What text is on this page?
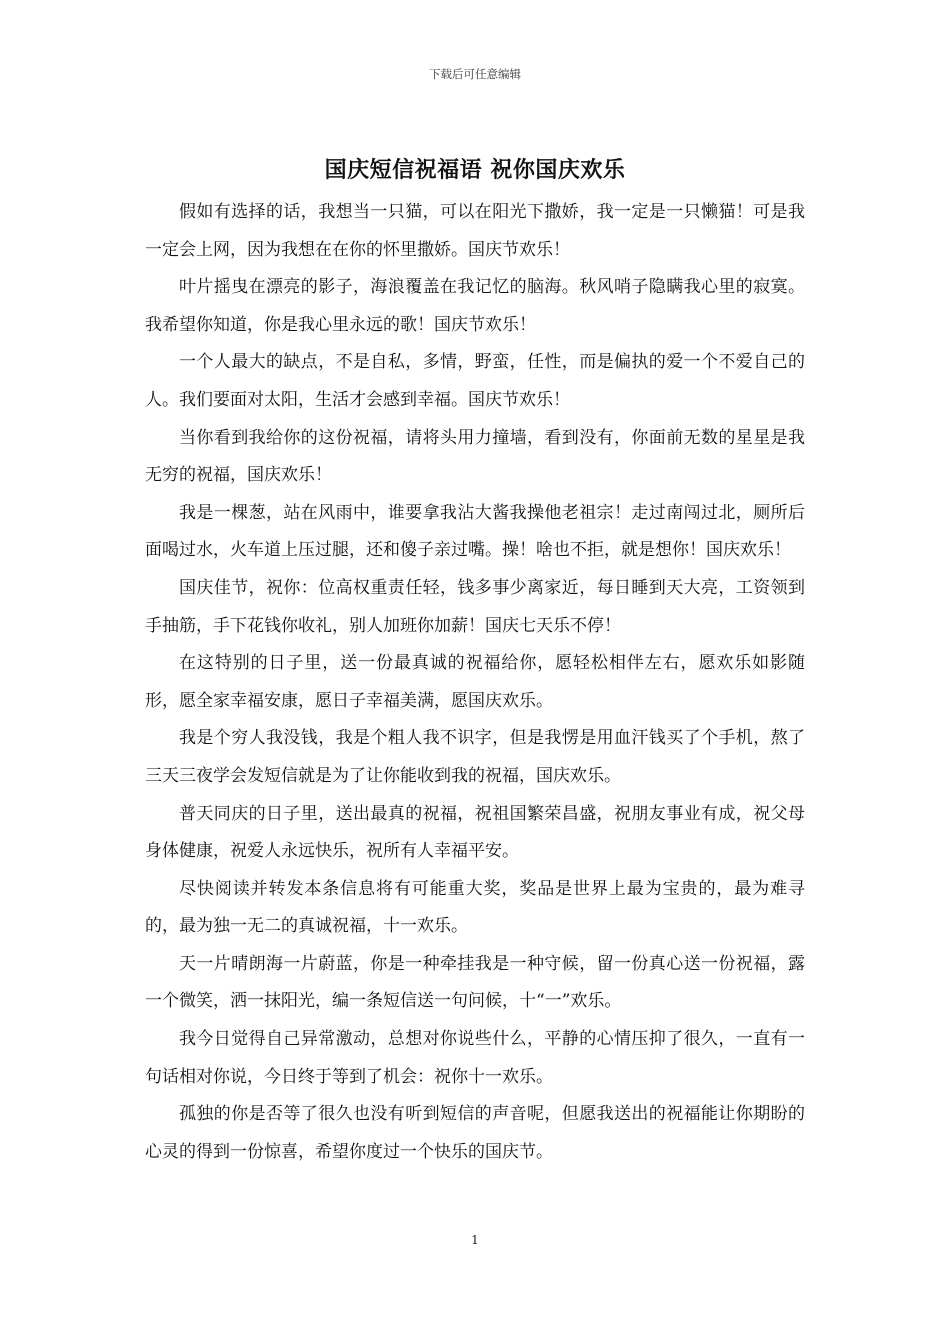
下载后可任意编辑
国庆短信祝福语 祝你国庆欢乐

假如有选择的话，我想当一只猫，可以在阳光下撒娇，我一定是一只懒猫！可是我一定会上网，因为我想在在你的怀里撒娇。国庆节欢乐！

叶片摇曳在漂亮的影子，海浪覆盖在我记忆的脑海。秋风哨子隐瞒我心里的寂寞。我希望你知道，你是我心里永远的歌！国庆节欢乐！

一个人最大的缺点，不是自私，多情，野蛮，任性，而是偏执的爱一个不爱自己的人。我们要面对太阳，生活才会感到幸福。国庆节欢乐！

当你看到我给你的这份祝福，请将头用力撞墙，看到没有，你面前无数的星星是我无穷的祝福，国庆欢乐！

我是一棵葱，站在风雨中，谁要拿我沾大酱我操他老祖宗！走过南闯过北，厕所后面喝过水，火车道上压过腿，还和傻子亲过嘴。操！啥也不拒，就是想你！国庆欢乐！

国庆佳节，祝你：位高权重责任轻，钱多事少离家近，每日睡到天大亮，工资领到手抽筋，手下花钱你收礼，别人加班你加薪！国庆七天乐不停！

在这特别的日子里，送一份最真诚的祝福给你，愿轻松相伴左右，愿欢乐如影随形，愿全家幸福安康，愿日子幸福美满，愿国庆欢乐。

我是个穷人我没钱，我是个粗人我不识字，但是我愣是用血汗钱买了个手机，熬了三天三夜学会发短信就是为了让你能收到我的祝福，国庆欢乐。

普天同庆的日子里，送出最真的祝福，祝祖国繁荣昌盛，祝朋友事业有成，祝父母身体健康，祝爱人永远快乐，祝所有人幸福平安。

尽快阅读并转发本条信息将有可能重大奖，奖品是世界上最为宝贵的，最为难寻的，最为独一无二的真诚祝福，十一欢乐。

天一片晴朗海一片蔚蓝，你是一种牵挂我是一种守候，留一份真心送一份祝福，露一个微笑，洒一抹阳光，编一条短信送一句问候，十“一”欢乐。

我今日觉得自己异常激动，总想对你说些什么，平静的心情压抑了很久，一直有一句话相对你说，今日终于等到了机会：祝你十一欢乐。

孤独的你是否等了很久也没有听到短信的声音呢，但愿我送出的祝福能让你期盼的心灵的得到一份惊喜，希望你度过一个快乐的国庆节。

1
